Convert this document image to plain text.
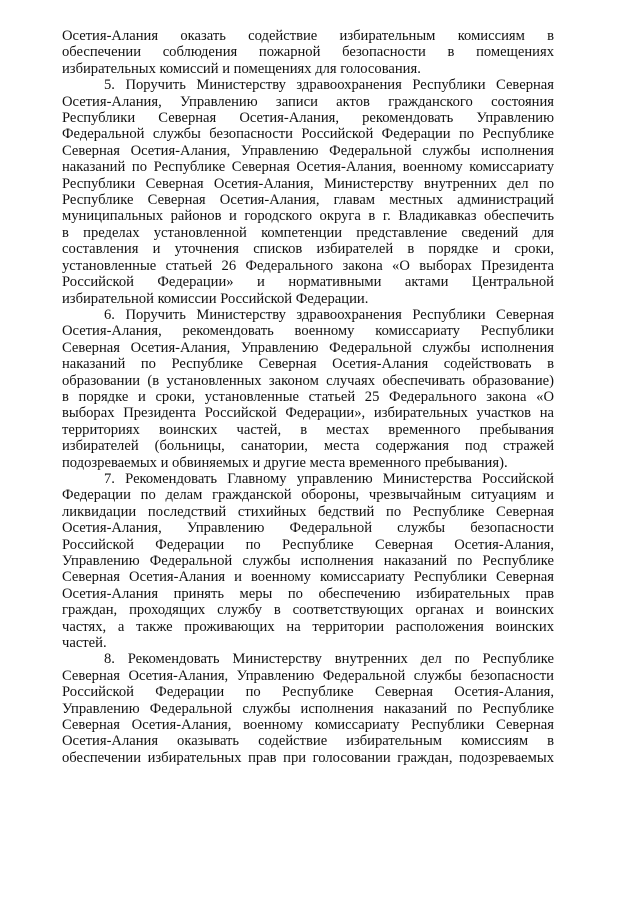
Осетия-Алания оказать содействие избирательным комиссиям в
обеспечении соблюдения пожарной безопасности в помещениях
избирательных комиссий и помещениях для голосования.
5. Поручить Министерству здравоохранения Республики Северная
Осетия-Алания, Управлению записи актов гражданского состояния
Республики Северная Осетия-Алания, рекомендовать Управлению
Федеральной службы безопасности Российской Федерации по Республике
Северная Осетия-Алания, Управлению Федеральной службы исполнения
наказаний по Республике Северная Осетия-Алания, военному комиссариату
Республики Северная Осетия-Алания, Министерству внутренних дел по
Республике Северная Осетия-Алания, главам местных администраций
муниципальных районов и городского округа в г. Владикавказ обеспечить
в пределах установленной компетенции представление сведений для
составления и уточнения списков избирателей в порядке и сроки,
установленные статьей 26 Федерального закона «О выборах Президента
Российской Федерации» и нормативными актами Центральной
избирательной комиссии Российской Федерации.
6. Поручить Министерству здравоохранения Республики Северная
Осетия-Алания, рекомендовать военному комиссариату Республики
Северная Осетия-Алания, Управлению Федеральной службы исполнения
наказаний по Республике Северная Осетия-Алания содействовать в
образовании (в установленных законом случаях обеспечивать образование)
в порядке и сроки, установленные статьей 25 Федерального закона «О
выборах Президента Российской Федерации», избирательных участков на
территориях воинских частей, в местах временного пребывания
избирателей (больницы, санатории, места содержания под стражей
подозреваемых и обвиняемых и другие места временного пребывания).
7. Рекомендовать Главному управлению Министерства Российской
Федерации по делам гражданской обороны, чрезвычайным ситуациям и
ликвидации последствий стихийных бедствий по Республике Северная
Осетия-Алания, Управлению Федеральной службы безопасности
Российской Федерации по Республике Северная Осетия-Алания,
Управлению Федеральной службы исполнения наказаний по Республике
Северная Осетия-Алания и военному комиссариату Республики Северная
Осетия-Алания принять меры по обеспечению избирательных прав
граждан, проходящих службу в соответствующих органах и воинских
частях, а также проживающих на территории расположения воинских
частей.
8. Рекомендовать Министерству внутренних дел по Республике
Северная Осетия-Алания, Управлению Федеральной службы безопасности
Российской Федерации по Республике Северная Осетия-Алания,
Управлению Федеральной службы исполнения наказаний по Республике
Северная Осетия-Алания, военному комиссариату Республики Северная
Осетия-Алания оказывать содействие избирательным комиссиям в
обеспечении избирательных прав при голосовании граждан, подозреваемых
